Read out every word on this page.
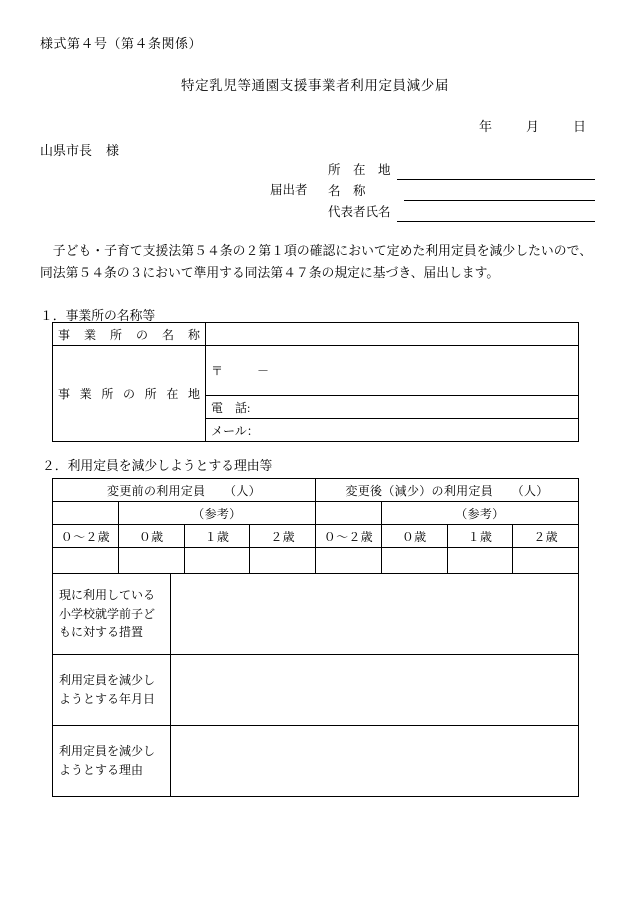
様式第４号（第４条関係）
特定乳児等通園支援事業者利用定員減少届
年	月	日
山県市長 様
所　在　地
届出者	名　称
代表者氏名
子ども・子育て支援法第５４条の２第１項の確認において定めた利用定員を減少したいので、同法第５４条の３において準用する同法第４７条の規定に基づき、届出します。
１．事業所の名称等
事業所の名称	

事業所の所在地	〒 －
	電　話:
	メール：
２．利用定員を減少しようとする理由等
変更前の利用定員　　（人）				変更後（減少）の利用定員　　（人）			
	（参考）				（参考）		
０～２歳	０歳	１歳	２歳	０～２歳	０歳	１歳	２歳

現に利用している小学校就学前子どもに対する措置	
利用定員を減少しようとする年月日	
利用定員を減少しようとする理由	
